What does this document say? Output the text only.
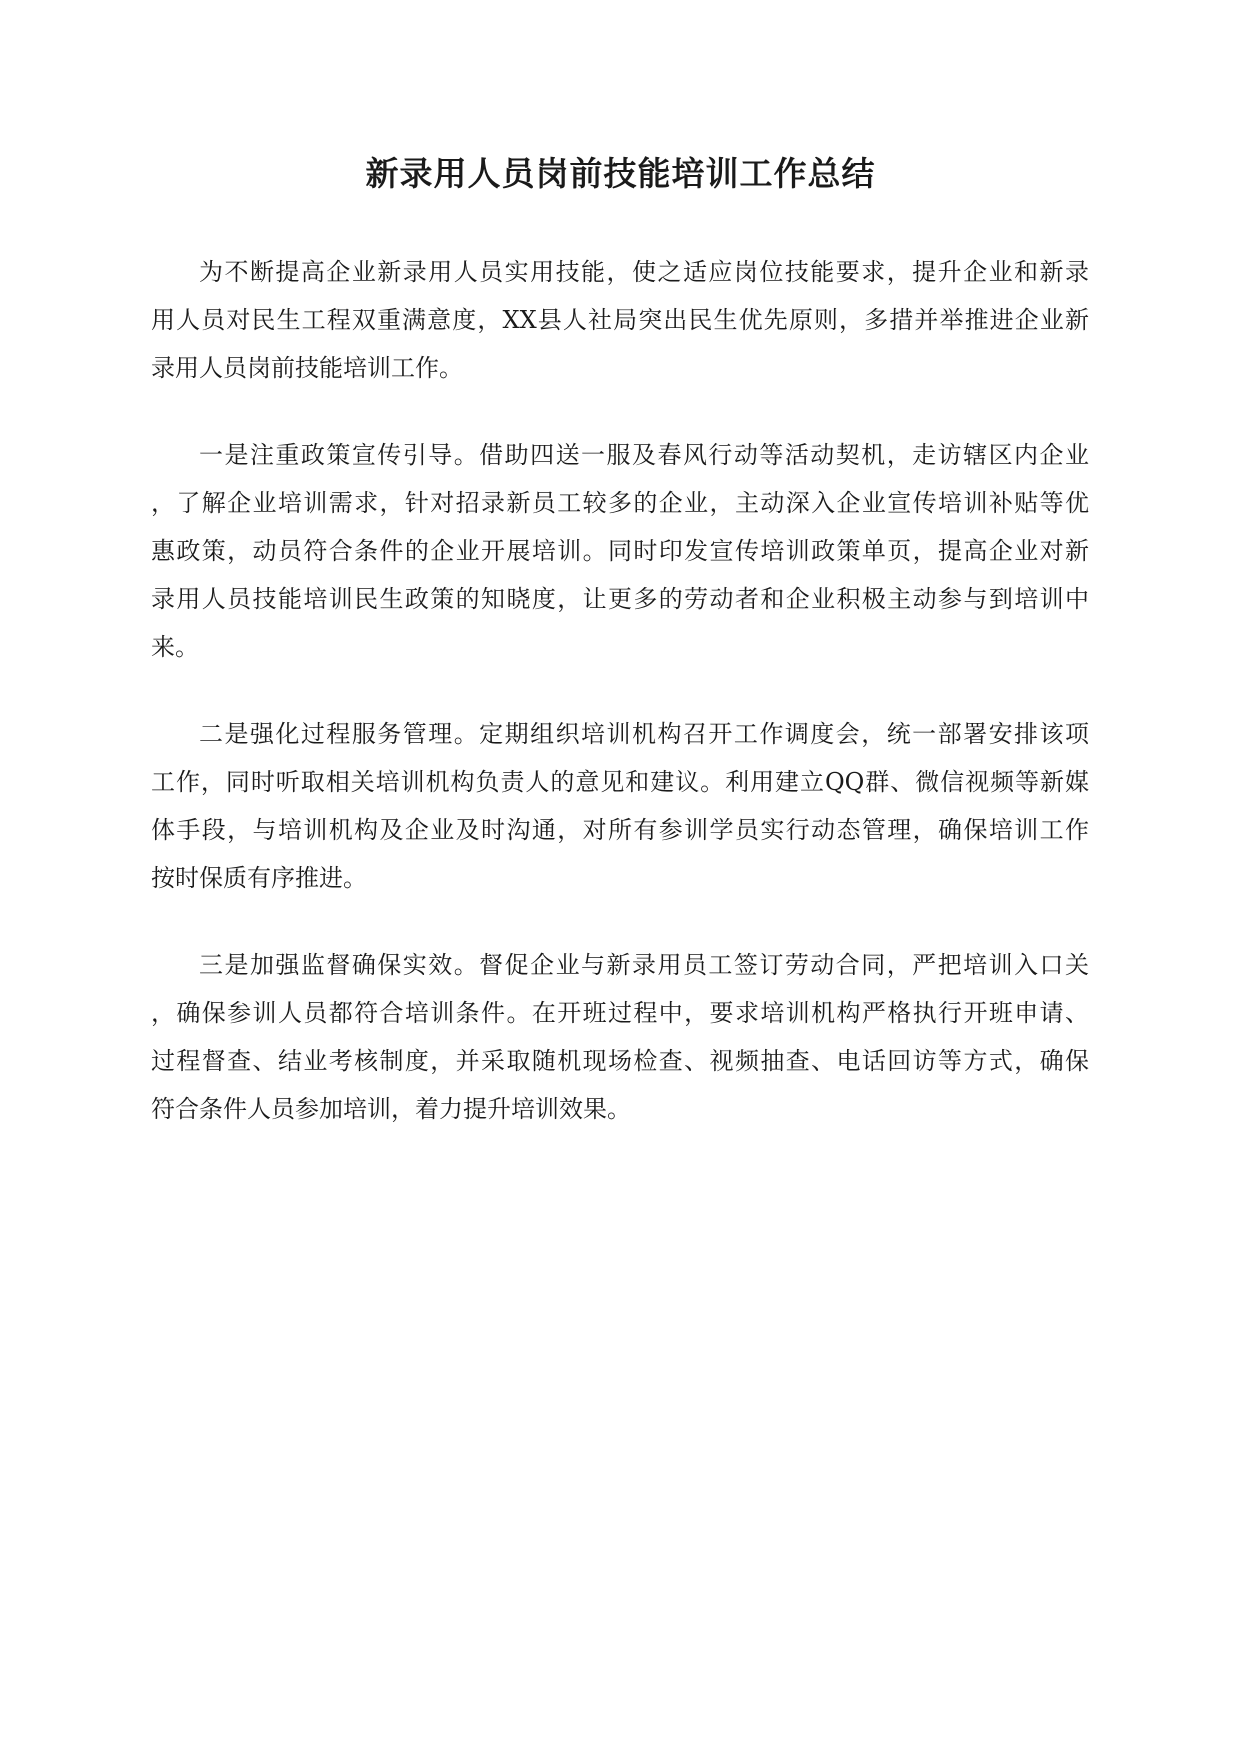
新录用人员岗前技能培训工作总结

为不断提高企业新录用人员实用技能，使之适应岗位技能要求，提升企业和新录
用人员对民生工程双重满意度，XX县人社局突出民生优先原则，多措并举推进企业新
录用人员岗前技能培训工作。

一是注重政策宣传引导。借助四送一服及春风行动等活动契机，走访辖区内企业
，了解企业培训需求，针对招录新员工较多的企业，主动深入企业宣传培训补贴等优
惠政策，动员符合条件的企业开展培训。同时印发宣传培训政策单页，提高企业对新
录用人员技能培训民生政策的知晓度，让更多的劳动者和企业积极主动参与到培训中
来。

二是强化过程服务管理。定期组织培训机构召开工作调度会，统一部署安排该项
工作，同时听取相关培训机构负责人的意见和建议。利用建立QQ群、微信视频等新媒
体手段，与培训机构及企业及时沟通，对所有参训学员实行动态管理，确保培训工作
按时保质有序推进。

三是加强监督确保实效。督促企业与新录用员工签订劳动合同，严把培训入口关
，确保参训人员都符合培训条件。在开班过程中，要求培训机构严格执行开班申请、
过程督查、结业考核制度，并采取随机现场检查、视频抽查、电话回访等方式，确保
符合条件人员参加培训，着力提升培训效果。
